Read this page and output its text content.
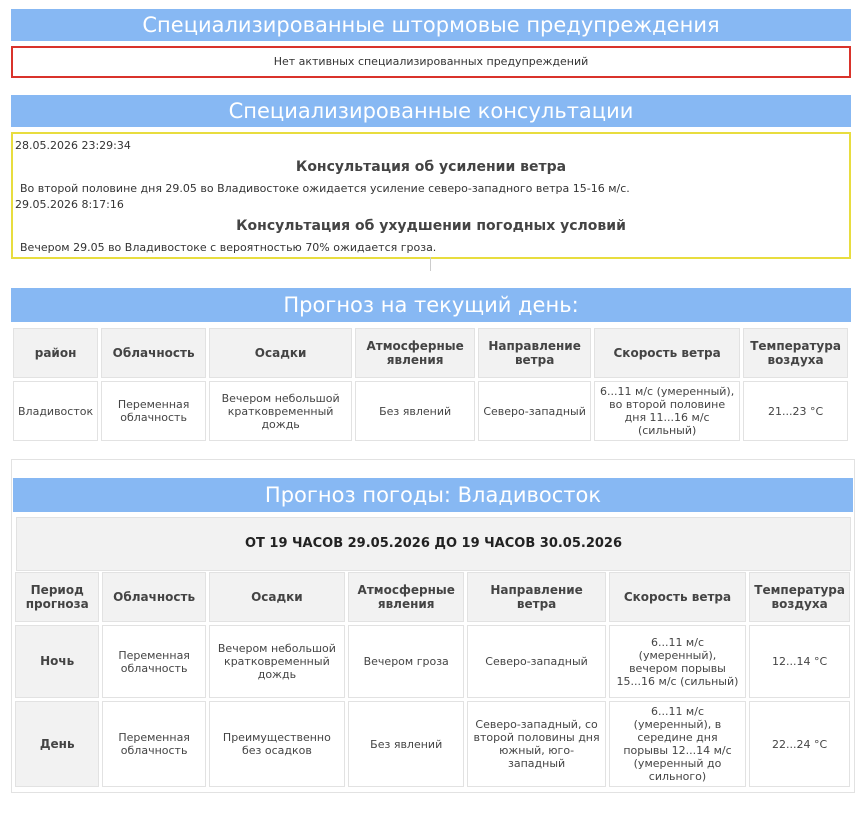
Специализированные штормовые предупреждения
Нет активных специализированных предупреждений
Специализированные консультации
28.05.2026 23:29:34
Консультация об усилении ветра
Во второй половине дня 29.05 во Владивостоке ожидается усиление северо-западного ветра 15-16 м/с.
29.05.2026 8:17:16
Консультация об ухудшении погодных условий
Вечером 29.05 во Владивостоке с вероятностью 70% ожидается гроза.
Прогноз на текущий день:
район	Облачность	Осадки	Атмосферные явления	Направление ветра	Скорость ветра	Температура воздуха
Владивосток	Переменная облачность	Вечером небольшой кратковременный дождь	Без явлений	Северо-западный	6...11 м/с (умеренный), во второй половине дня 11...16 м/с (сильный)	21...23 °C
Прогноз погоды: Владивосток
ОТ 19 ЧАСОВ 29.05.2026 ДО 19 ЧАСОВ 30.05.2026
Период прогноза	Облачность	Осадки	Атмосферные явления	Направление ветра	Скорость ветра	Температура воздуха
Ночь	Переменная облачность	Вечером небольшой кратковременный дождь	Вечером гроза	Северо-западный	6...11 м/с (умеренный), вечером порывы 15...16 м/с (сильный)	12...14 °C
День	Переменная облачность	Преимущественно без осадков	Без явлений	Северо-западный, со второй половины дня южный, юго-западный	6...11 м/с (умеренный), в середине дня порывы 12...14 м/с (умеренный до сильного)	22...24 °C
